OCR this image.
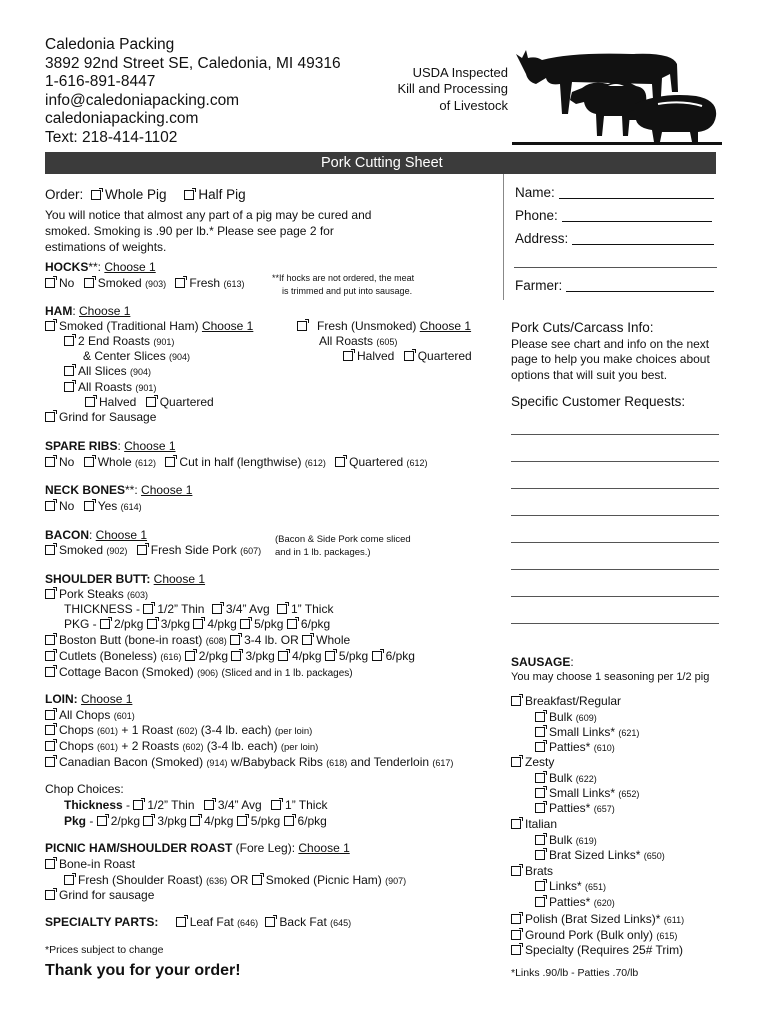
Caledonia Packing
3892 92nd Street SE, Caledonia, MI 49316
1-616-891-8447
info@caledoniapacking.com
caledoniapacking.com
Text: 218-414-1102
USDA Inspected
Kill and Processing
of Livestock
Pork Cutting Sheet
Order: Whole Pig Half Pig
You will notice that almost any part of a pig may be cured and
smoked. Smoking is .90 per lb.* Please see page 2 for
estimations of weights.
Name:
Phone:
Address:
Farmer:
HOCKS**: Choose 1
No Smoked (903) Fresh (613)
**If hocks are not ordered, the meat
is trimmed and put into sausage.
HAM: Choose 1
Smoked (Traditional Ham) Choose 1
2 End Roasts (901)
& Center Slices (904)
All Slices (904)
All Roasts (901)
Halved Quartered
Grind for Sausage
Fresh (Unsmoked) Choose 1
All Roasts (605)
Halved Quartered
SPARE RIBS: Choose 1
No Whole (612) Cut in half (lengthwise) (612) Quartered (612)
NECK BONES**: Choose 1
No Yes (614)
BACON: Choose 1
Smoked (902) Fresh Side Pork (607)
(Bacon & Side Pork come sliced
and in 1 lb. packages.)
SHOULDER BUTT: Choose 1
Pork Steaks (603)
THICKNESS - 1/2” Thin 3/4” Avg 1” Thick
PKG - 2/pkg 3/pkg 4/pkg 5/pkg 6/pkg
Boston Butt (bone-in roast) (608) 3-4 lb. OR Whole
Cutlets (Boneless) (616) 2/pkg 3/pkg 4/pkg 5/pkg 6/pkg
Cottage Bacon (Smoked) (906) (Sliced and in 1 lb. packages)
LOIN: Choose 1
All Chops (601)
Chops (601) + 1 Roast (602) (3-4 lb. each) (per loin)
Chops (601) + 2 Roasts (602) (3-4 lb. each) (per loin)
Canadian Bacon (Smoked) (914) w/Babyback Ribs (618) and Tenderloin (617)
Chop Choices:
Thickness - 1/2” Thin 3/4” Avg 1” Thick
Pkg - 2/pkg 3/pkg 4/pkg 5/pkg 6/pkg
PICNIC HAM/SHOULDER ROAST (Fore Leg): Choose 1
Bone-in Roast
Fresh (Shoulder Roast) (636) OR Smoked (Picnic Ham) (907)
Grind for sausage
SPECIALTY PARTS:	Leaf Fat (646) Back Fat (645)
*Prices subject to change
Thank you for your order!
Pork Cuts/Carcass Info:
Please see chart and info on the next
page to help you make choices about
options that will suit you best.
Specific Customer Requests:
SAUSAGE:
You may choose 1 seasoning per 1/2 pig
Breakfast/Regular
Bulk (609)
Small Links* (621)
Patties* (610)
Zesty
Bulk (622)
Small Links* (652)
Patties* (657)
Italian
Bulk (619)
Brat Sized Links* (650)
Brats
Links* (651)
Patties* (620)
Polish (Brat Sized Links)* (611)
Ground Pork (Bulk only) (615)
Specialty (Requires 25# Trim)
*Links .90/lb - Patties .70/lb
